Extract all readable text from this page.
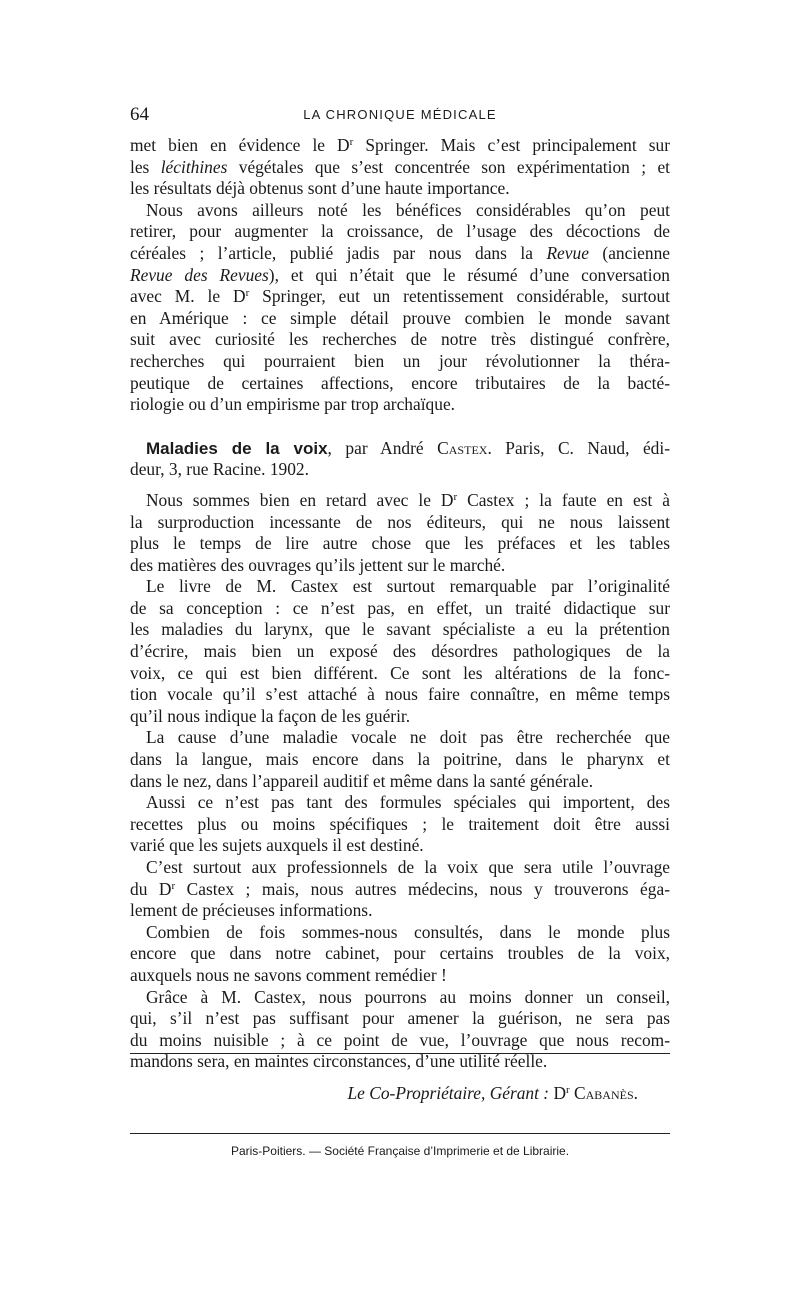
64	LA CHRONIQUE MÉDICALE
met bien en évidence le $D^r$ Springer. Mais c’est principalement sur
les lécithines végétales que s’est concentrée son expérimentation ; et
les résultats déjà obtenus sont d’une haute importance.
Nous avons ailleurs noté les bénéfices considérables qu’on peut
retirer, pour augmenter la croissance, de l’usage des décoctions de
céréales ; l’article, publié jadis par nous dans la Revue (ancienne
Revue des Revues), et qui n’était que le résumé d’une conversation
avec M. le $D^r$ Springer, eut un retentissement considérable, surtout
en Amérique : ce simple détail prouve combien le monde savant
suit avec curiosité les recherches de notre très distingué confrère,
recherches qui pourraient bien un jour révolutionner la théra-
peutique de certaines affections, encore tributaires de la bacté-
riologie ou d’un empirisme par trop archaïque.
Maladies de la voix, par André Castex. Paris, C. Naud, édi-
deur, 3, rue Racine. 1902.
Nous sommes bien en retard avec le $D^r$ Castex ; la faute en est à
la surproduction incessante de nos éditeurs, qui ne nous laissent
plus le temps de lire autre chose que les préfaces et les tables
des matières des ouvrages qu’ils jettent sur le marché.
Le livre de M. Castex est surtout remarquable par l’originalité
de sa conception : ce n’est pas, en effet, un traité didactique sur
les maladies du larynx, que le savant spécialiste a eu la prétention
d’écrire, mais bien un exposé des désordres pathologiques de la
voix, ce qui est bien différent. Ce sont les altérations de la fonc-
tion vocale qu’il s’est attaché à nous faire connaître, en même temps
qu’il nous indique la façon de les guérir.
La cause d’une maladie vocale ne doit pas être recherchée que
dans la langue, mais encore dans la poitrine, dans le pharynx et
dans le nez, dans l’appareil auditif et même dans la santé générale.
Aussi ce n’est pas tant des formules spéciales qui importent, des
recettes plus ou moins spécifiques ; le traitement doit être aussi
varié que les sujets auxquels il est destiné.
C’est surtout aux professionnels de la voix que sera utile l’ouvrage
du $D^r$ Castex ; mais, nous autres médecins, nous y trouverons éga-
lement de précieuses informations.
Combien de fois sommes-nous consultés, dans le monde plus
encore que dans notre cabinet, pour certains troubles de la voix,
auxquels nous ne savons comment remédier !
Grâce à M. Castex, nous pourrons au moins donner un conseil,
qui, s’il n’est pas suffisant pour amener la guérison, ne sera pas
du moins nuisible ; à ce point de vue, l’ouvrage que nous recom-
mandons sera, en maintes circonstances, d’une utilité réelle.
Le Co-Propriétaire, Gérant : $D^r$ Cabanès.
Paris-Poitiers. — Société Française d’Imprimerie et de Librairie.
